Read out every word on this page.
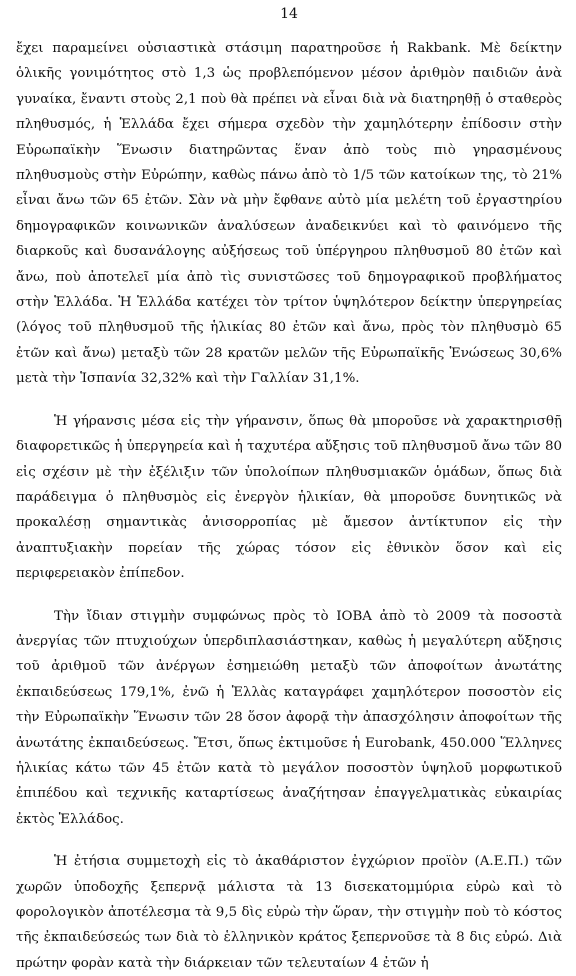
14

ἔχει παραμείνει οὐσιαστικὰ στάσιμη παρατηροῦσε ἡ Rakbank. Μὲ δείκτην ὁλικῆς γονιμότητος στὸ 1,3 ὡς προβλεπόμενον μέσον ἀριθμὸν παιδιῶν ἀνὰ γυναίκα, ἔναντι στοὺς 2,1 ποὺ θὰ πρέπει νὰ εἶναι διὰ νὰ διατηρηθῇ ὁ σταθερὸς πληθυσμός, ἡ Ἑλλάδα ἔχει σήμερα σχεδὸν τὴν χαμηλότερην ἐπίδοσιν στὴν Εὐρωπαϊκὴν Ἕνωσιν διατηρῶντας ἕναν ἀπὸ τοὺς πιὸ γηρασμένους πληθυσμοὺς στὴν Εὐρώπην, καθὼς πάνω ἀπὸ τὸ 1/5 τῶν κατοίκων της, τὸ 21% εἶναι ἄνω τῶν 65 ἐτῶν. Σὰν νὰ μὴν ἔφθανε αὐτὸ μία μελέτη τοῦ ἐργαστηρίου δημογραφικῶν κοινωνικῶν ἀναλύσεων ἀναδεικνύει καὶ τὸ φαινόμενο τῆς διαρκοῦς καὶ δυσανάλογης αὐξήσεως τοῦ ὑπέργηρου πληθυσμοῦ 80 ἐτῶν καὶ ἄνω, ποὺ ἀποτελεῖ μία ἀπὸ τὶς συνιστῶσες τοῦ δημογραφικοῦ προβλήματος στὴν Ἑλλάδα. Ἡ Ἑλλάδα κατέχει τὸν τρίτον ὑψηλότερον δείκτην ὑπεργηρείας (λόγος τοῦ πληθυσμοῦ τῆς ἡλικίας 80 ἐτῶν καὶ ἄνω, πρὸς τὸν πληθυσμὸ 65 ἐτῶν καὶ ἄνω) μεταξὺ τῶν 28 κρατῶν μελῶν τῆς Εὐρωπαϊκῆς Ἑνώσεως 30,6% μετὰ τὴν Ἱσπανία 32,32% καὶ τὴν Γαλλίαν 31,1%.

Ἡ γήρανσις μέσα εἰς τὴν γήρανσιν, ὅπως θὰ μποροῦσε νὰ χαρακτηρισθῇ διαφορετικῶς ἡ ὑπεργηρεία καὶ ἡ ταχυτέρα αὔξησις τοῦ πληθυσμοῦ ἄνω τῶν 80 εἰς σχέσιν μὲ τὴν ἐξέλιξιν τῶν ὑπολοίπων πληθυσμιακῶν ὁμάδων, ὅπως διὰ παράδειγμα ὁ πληθυσμὸς εἰς ἐνεργὸν ἡλικίαν, θὰ μποροῦσε δυνητικῶς νὰ προκαλέσῃ σημαντικὰς ἀνισορροπίας μὲ ἄμεσον ἀντίκτυπον εἰς τὴν ἀναπτυξιακὴν πορείαν τῆς χώρας τόσον εἰς ἐθνικὸν ὅσον καὶ εἰς περιφερειακὸν ἐπίπεδον.

Τὴν ἴδιαν στιγμὴν συμφώνως πρὸς τὸ ΙΟΒΑ ἀπὸ τὸ 2009 τὰ ποσοστὰ ἀνεργίας τῶν πτυχιούχων ὑπερδιπλασιάστηκαν, καθὼς ἡ μεγαλύτερη αὔξησις τοῦ ἀριθμοῦ τῶν ἀνέργων ἐσημειώθη μεταξὺ τῶν ἀποφοίτων ἀνωτάτης ἐκπαιδεύσεως 179,1%, ἐνῶ ἡ Ἑλλὰς καταγράφει χαμηλότερον ποσοστὸν εἰς τὴν Εὐρωπαϊκὴν Ἕνωσιν τῶν 28 ὅσον ἀφορᾷ τὴν ἀπασχόλησιν ἀποφοίτων τῆς ἀνωτάτης ἐκπαιδεύσεως. Ἔτσι, ὅπως ἐκτιμοῦσε ἡ Eurobank, 450.000 Ἕλληνες ἡλικίας κάτω τῶν 45 ἐτῶν κατὰ τὸ μεγάλον ποσοστὸν ὑψηλοῦ μορφωτικοῦ ἐπιπέδου καὶ τεχνικῆς καταρτίσεως ἀναζήτησαν ἐπαγγελματικὰς εὐκαιρίας ἐκτὸς Ἑλλάδος.

Ἡ ἐτήσια συμμετοχὴ εἰς τὸ ἀκαθάριστον ἐγχώριον προϊὸν (Α.Ε.Π.) τῶν χωρῶν ὑποδοχῆς ξεπερνᾷ μάλιστα τὰ 13 δισεκατομμύρια εὐρὼ καὶ τὸ φορολογικὸν ἀποτέλεσμα τὰ 9,5 δὶς εὐρὼ τὴν ὥραν, τὴν στιγμὴν ποὺ τὸ κόστος τῆς ἐκπαιδεύσεώς των διὰ τὸ ἑλληνικὸν κράτος ξεπερνοῦσε τὰ 8 δις εὐρώ. Διὰ πρώτην φορὰν κατὰ τὴν διάρκειαν τῶν τελευταίων 4 ἐτῶν ἡ
